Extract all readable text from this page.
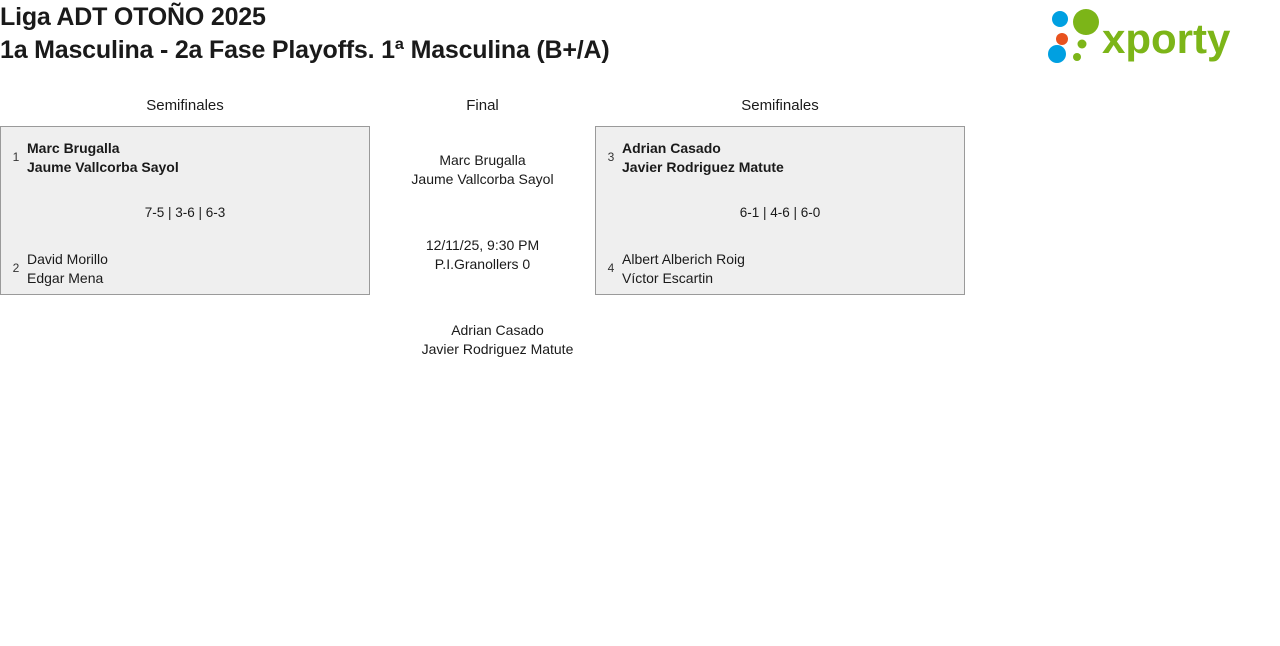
Liga ADT OTOÑO 2025
1a Masculina - 2a Fase Playoffs. 1ª Masculina (B+/A)	xporty
Semifinales	Final	Semifinales
1
Marc Brugalla
Jaume Vallcorba Sayol
7-5 | 3-6 | 6-3
2
David Morillo
Edgar Mena
3
Adrian Casado
Javier Rodriguez Matute
6-1 | 4-6 | 6-0
4
Albert Alberich Roig
Víctor Escartin
Marc Brugalla
Jaume Vallcorba Sayol
12/11/25, 9:30 PM
P.I.Granollers 0
Adrian Casado
Javier Rodriguez Matute
